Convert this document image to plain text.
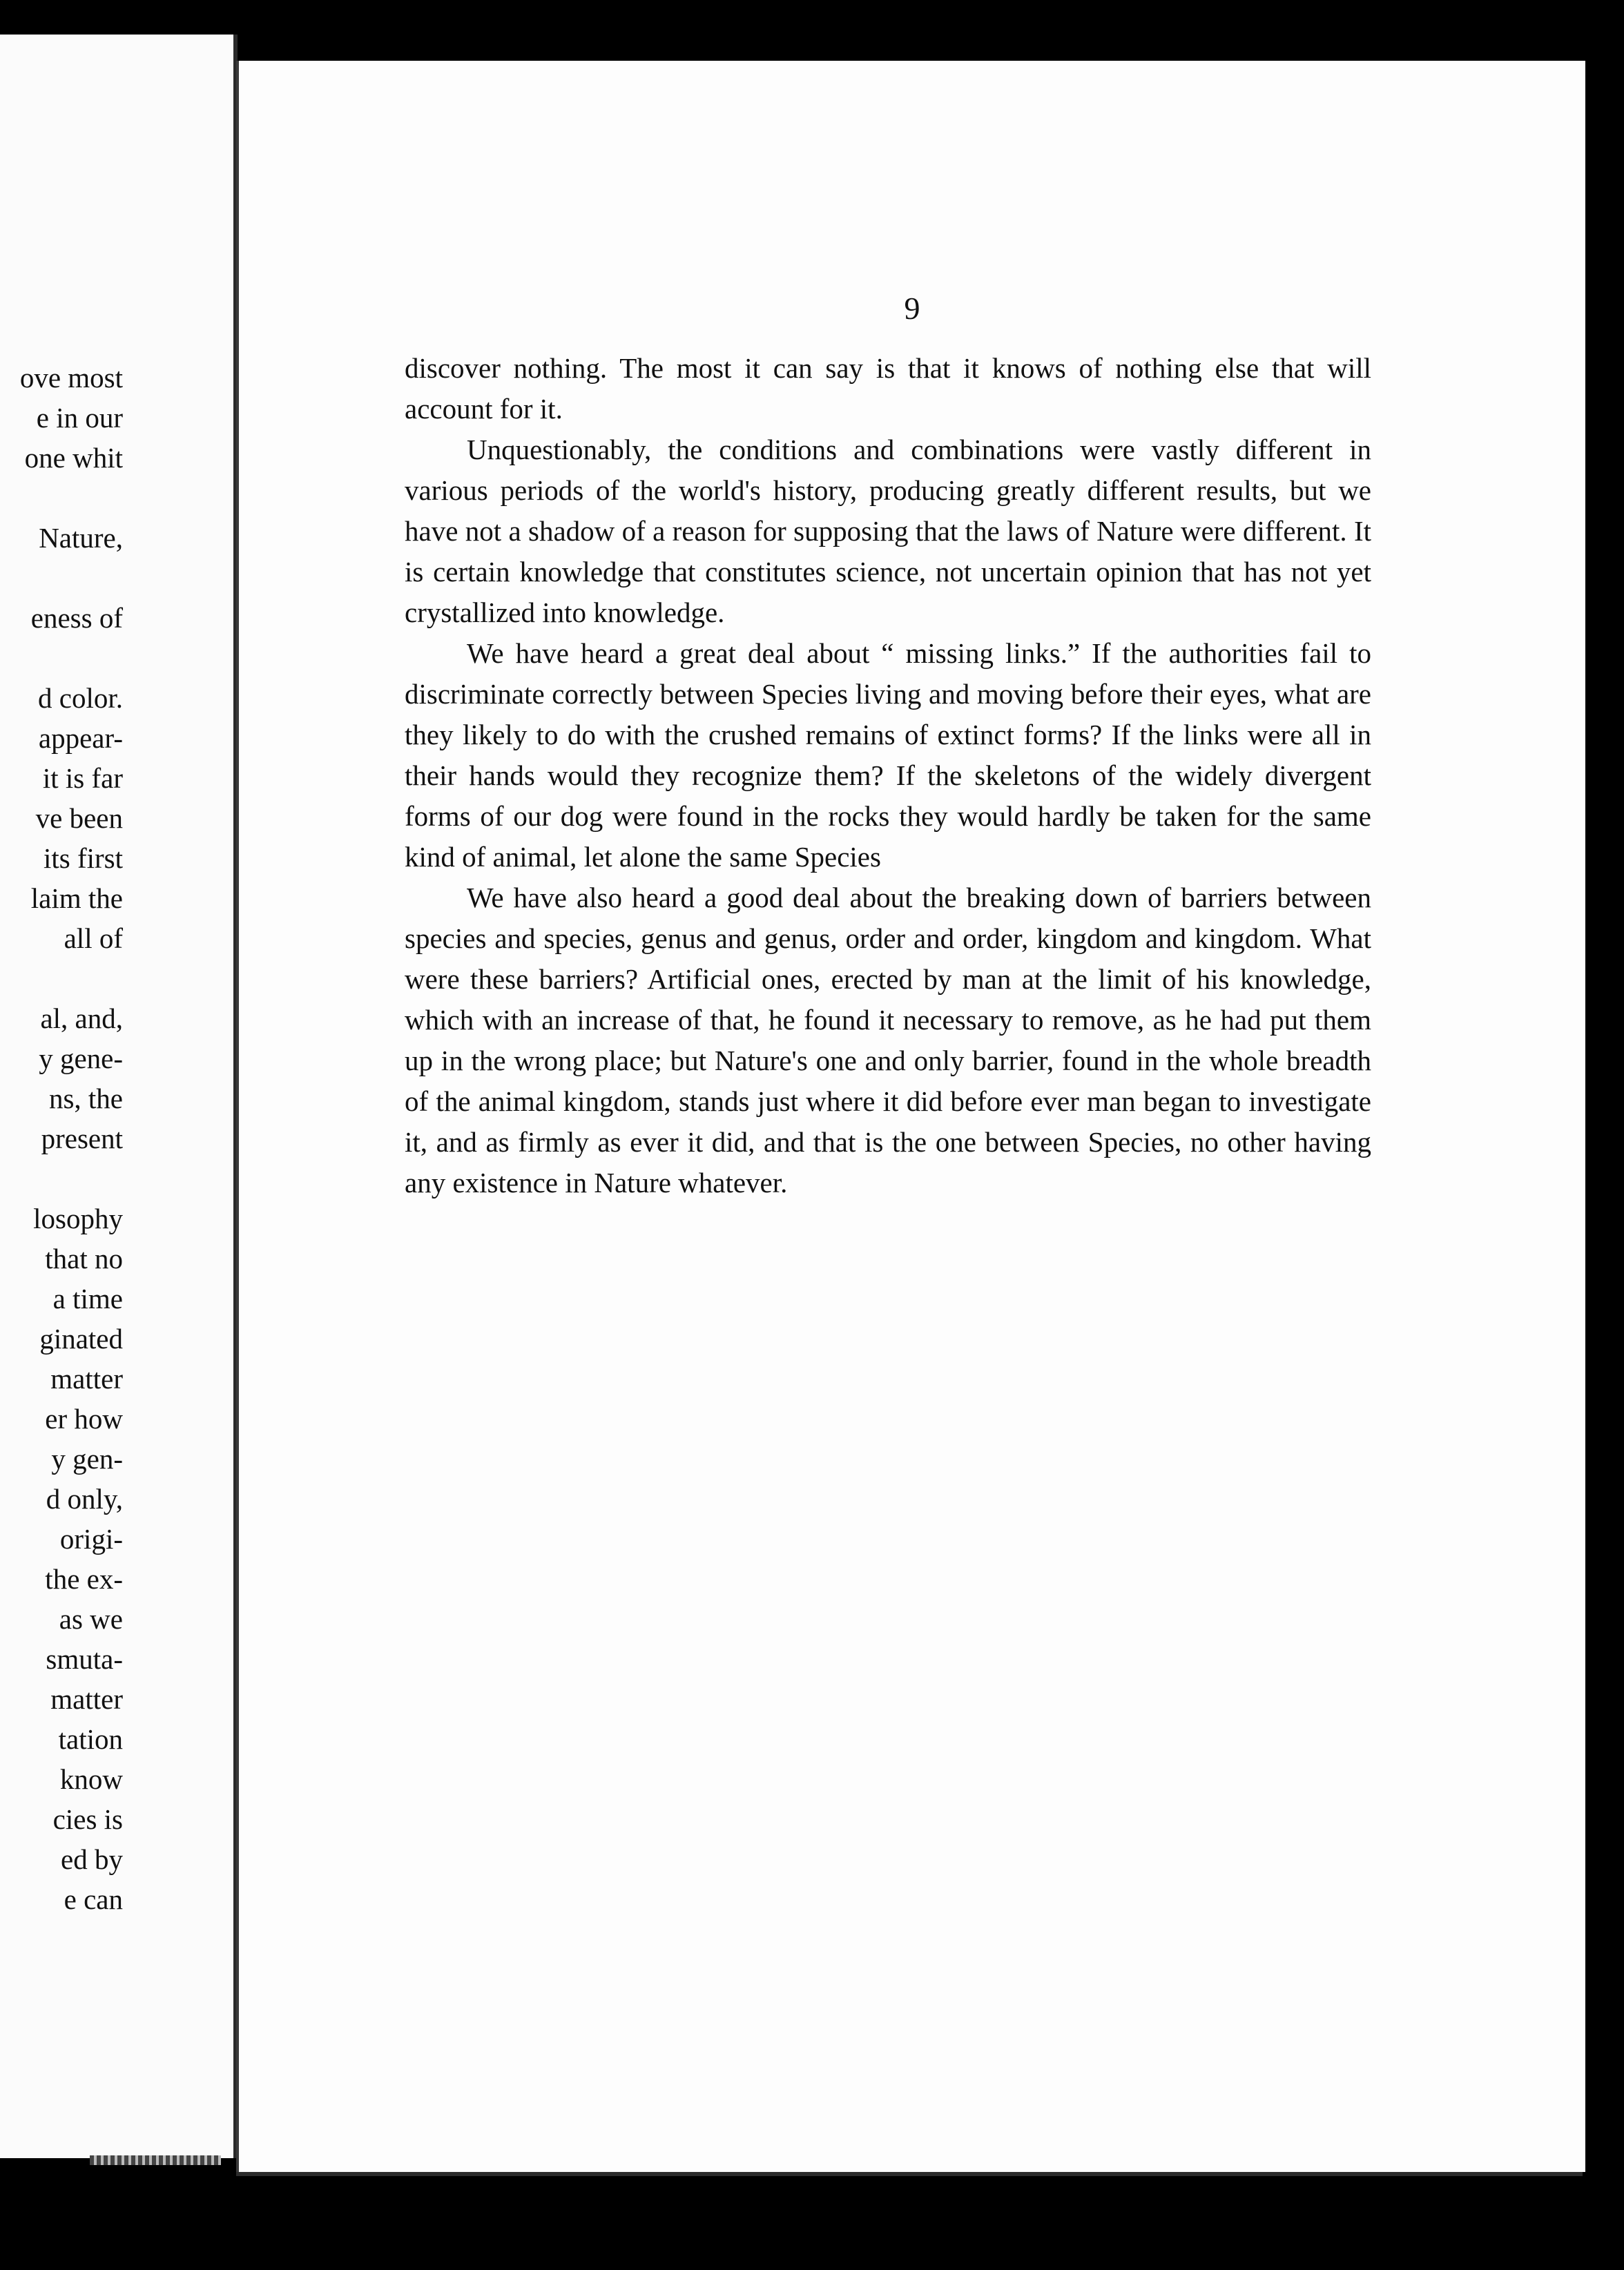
ove most
e in our
one whit
Nature,
eness of
d color.
appear-
it is far
ve been
its first
laim the
all of
al, and,
y gene-
ns, the
present
losophy
that no
a time
ginated
matter
er how
y gen-
d only,
origi-
the ex-
as we
smuta-
matter
tation
know
cies is
ed by
e can
9

discover nothing. The most it can say is that it knows of nothing else that will account for it.

Unquestionably, the conditions and combinations were vastly different in various periods of the world's history, producing greatly different results, but we have not a shadow of a reason for supposing that the laws of Nature were different. It is certain knowledge that constitutes science, not uncertain opinion that has not yet crystallized into knowledge.

We have heard a great deal about “ missing links.” If the authorities fail to discriminate correctly between Species living and moving before their eyes, what are they likely to do with the crushed remains of extinct forms? If the links were all in their hands would they recognize them? If the skeletons of the widely divergent forms of our dog were found in the rocks they would hardly be taken for the same kind of animal, let alone the same Species

We have also heard a good deal about the breaking down of barriers between species and species, genus and genus, order and order, kingdom and kingdom. What were these barriers? Artificial ones, erected by man at the limit of his knowledge, which with an increase of that, he found it necessary to remove, as he had put them up in the wrong place; but Nature's one and only barrier, found in the whole breadth of the animal kingdom, stands just where it did before ever man began to investigate it, and as firmly as ever it did, and that is the one between Species, no other having any existence in Nature whatever.
